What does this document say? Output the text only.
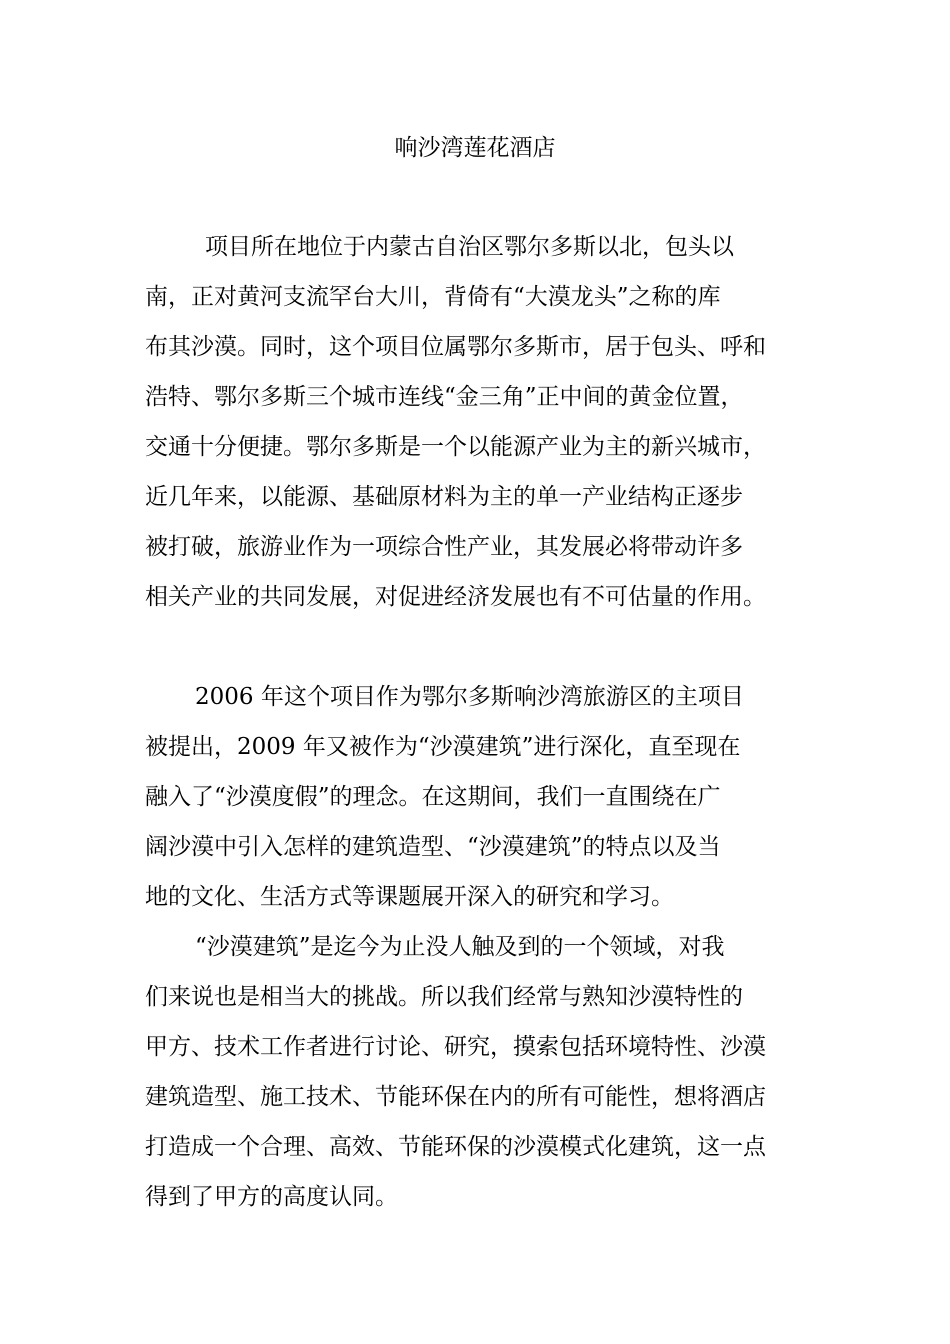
响沙湾莲花酒店
项目所在地位于内蒙古自治区鄂尔多斯以北，包头以
南，正对黄河支流罕台大川，背倚有“大漠龙头”之称的库
布其沙漠。同时，这个项目位属鄂尔多斯市，居于包头、呼和
浩特、鄂尔多斯三个城市连线“金三角”正中间的黄金位置，
交通十分便捷。鄂尔多斯是一个以能源产业为主的新兴城市，
近几年来，以能源、基础原材料为主的单一产业结构正逐步
被打破，旅游业作为一项综合性产业，其发展必将带动许多
相关产业的共同发展，对促进经济发展也有不可估量的作用。
2006 年这个项目作为鄂尔多斯响沙湾旅游区的主项目
被提出，2009 年又被作为“沙漠建筑”进行深化，直至现在
融入了“沙漠度假”的理念。在这期间，我们一直围绕在广
阔沙漠中引入怎样的建筑造型、“沙漠建筑”的特点以及当
地的文化、生活方式等课题展开深入的研究和学习。
“沙漠建筑”是迄今为止没人触及到的一个领域，对我
们来说也是相当大的挑战。所以我们经常与熟知沙漠特性的
甲方、技术工作者进行讨论、研究，摸索包括环境特性、沙漠
建筑造型、施工技术、节能环保在内的所有可能性，想将酒店
打造成一个合理、高效、节能环保的沙漠模式化建筑，这一点
得到了甲方的高度认同。
